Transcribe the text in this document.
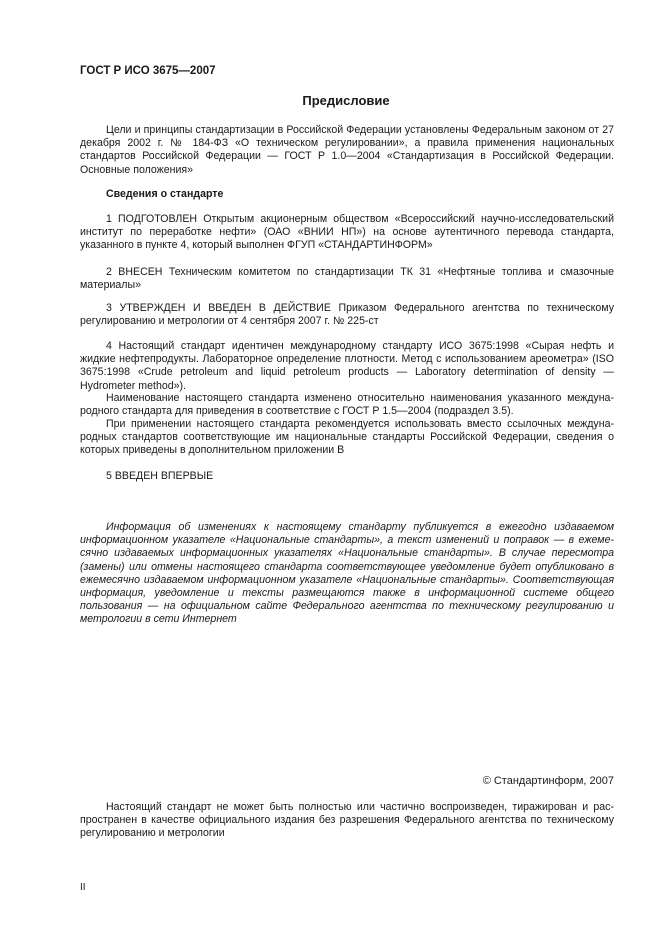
ГОСТ Р ИСО 3675—2007
Предисловие
Цели и принципы стандартизации в Российской Федерации установлены Федеральным законом от 27 декабря 2002 г. № 184-ФЗ «О техническом регулировании», а правила применения национальных стандартов Российской Федерации — ГОСТ Р 1.0—2004 «Стандартизация в Российской Федерации. Основные положения»
Сведения о стандарте
1 ПОДГОТОВЛЕН Открытым акционерным обществом «Всероссийский научно-исследовательский институт по переработке нефти» (ОАО «ВНИИ НП») на основе аутентичного перевода стандарта, указанного в пункте 4, который выполнен ФГУП «СТАНДАРТИНФОРМ»
2 ВНЕСЕН Техническим комитетом по стандартизации ТК 31 «Нефтяные топлива и смазочные материалы»
3 УТВЕРЖДЕН И ВВЕДЕН В ДЕЙСТВИЕ Приказом Федерального агентства по техническому регулированию и метрологии от 4 сентября 2007 г. № 225-ст
4 Настоящий стандарт идентичен международному стандарту ИСО 3675:1998 «Сырая нефть и жидкие нефтепродукты. Лабораторное определение плотности. Метод с использованием ареометра» (ISO 3675:1998 «Crude petroleum and liquid petroleum products — Laboratory determination of density — Hydrometer method»).
Наименование настоящего стандарта изменено относительно наименования указанного международного стандарта для приведения в соответствие с ГОСТ Р 1.5—2004 (подраздел 3.5).
При применении настоящего стандарта рекомендуется использовать вместо ссылочных международных стандартов соответствующие им национальные стандарты Российской Федерации, сведения о которых приведены в дополнительном приложении В
5 ВВЕДЕН ВПЕРВЫЕ
Информация об изменениях к настоящему стандарту публикуется в ежегодно издаваемом информационном указателе «Национальные стандарты», а текст изменений и поправок — в ежемесячно издаваемых информационных указателях «Национальные стандарты». В случае пересмотра (замены) или отмены настоящего стандарта соответствующее уведомление будет опубликовано в ежемесячно издаваемом информационном указателе «Национальные стандарты». Соответствующая информация, уведомление и тексты размещаются также в информационной системе общего пользования — на официальном сайте Федерального агентства по техническому регулированию и метрологии в сети Интернет
© Стандартинформ, 2007
Настоящий стандарт не может быть полностью или частично воспроизведен, тиражирован и распространен в качестве официального издания без разрешения Федерального агентства по техническому регулированию и метрологии
II
